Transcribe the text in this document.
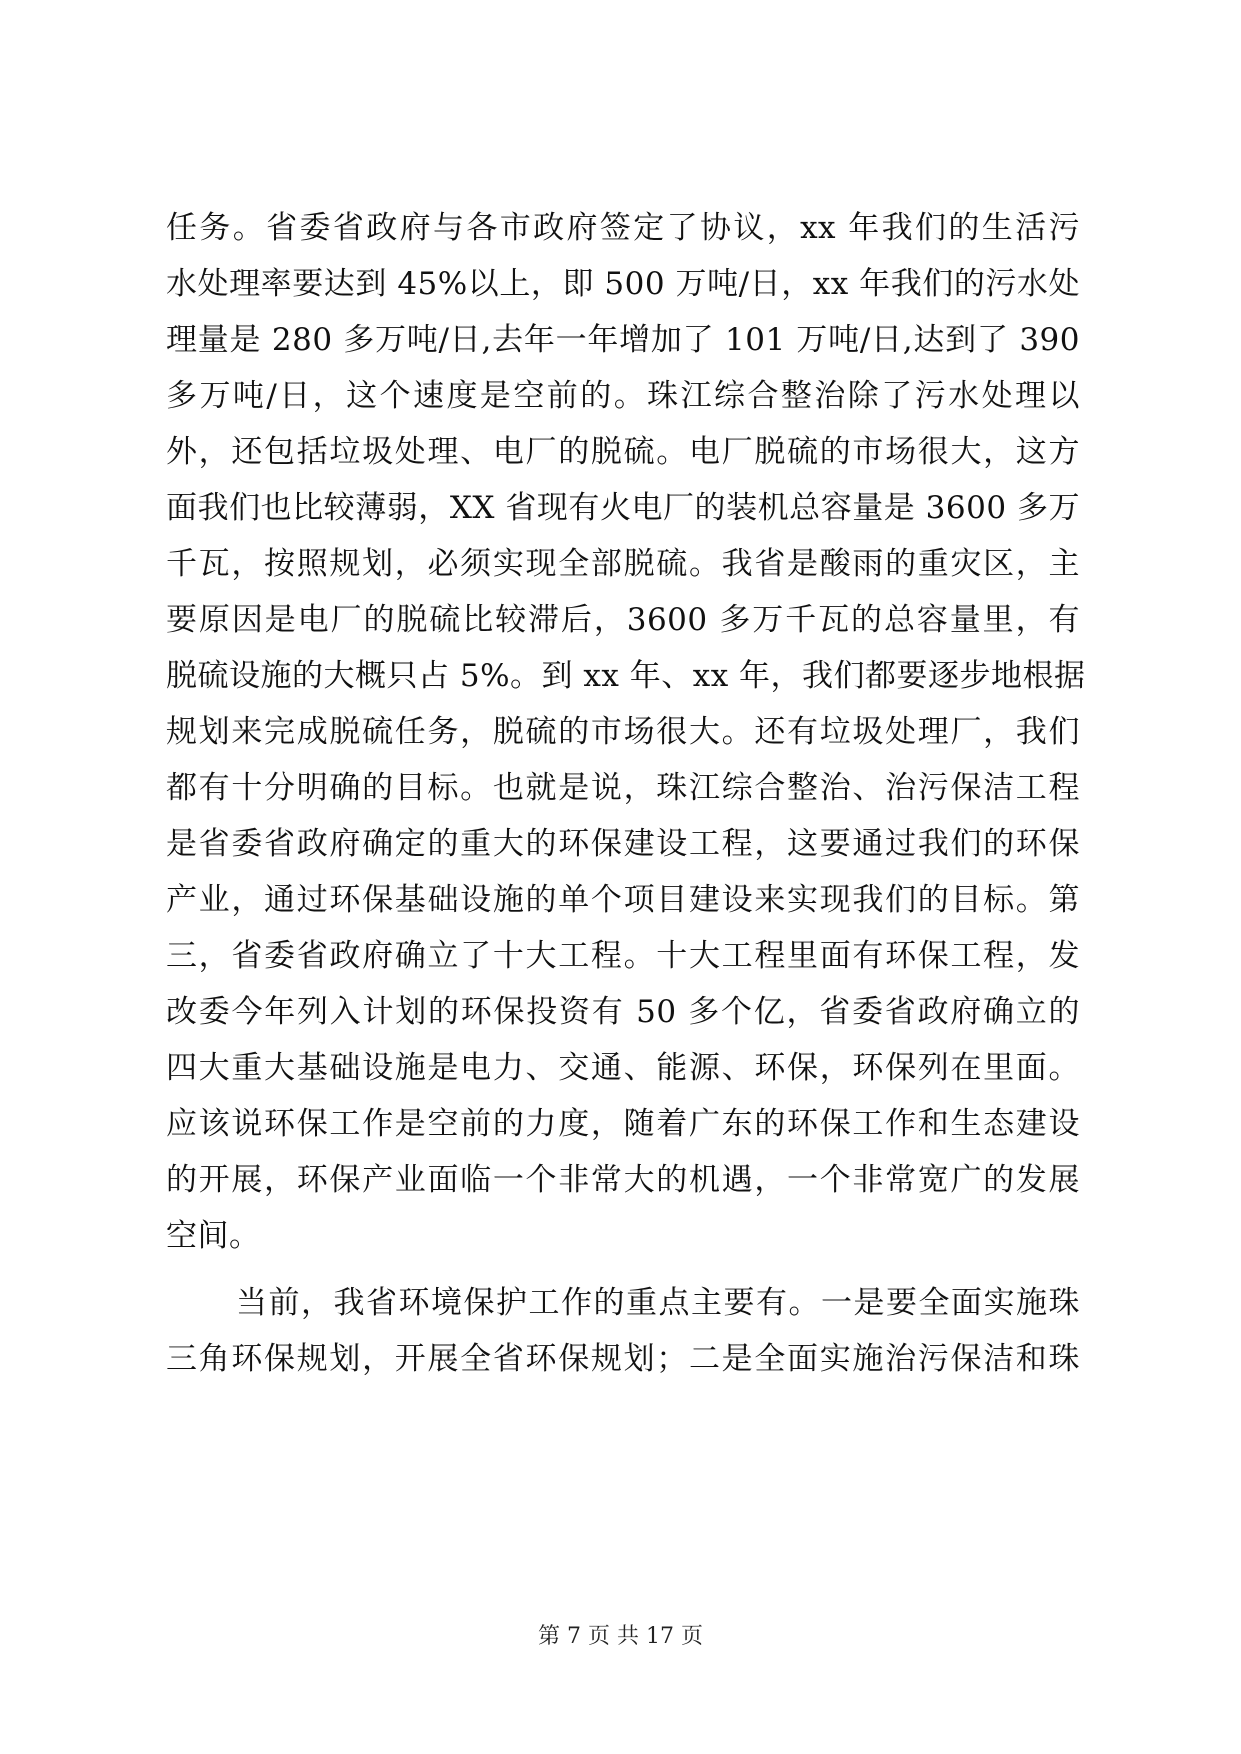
任务。省委省政府与各市政府签定了协议，xx 年我们的生活污
水处理率要达到 45%以上，即 500 万吨/日，xx 年我们的污水处
理量是 280 多万吨/日,去年一年增加了 101 万吨/日,达到了 390
多万吨/日，这个速度是空前的。珠江综合整治除了污水处理以
外，还包括垃圾处理、电厂的脱硫。电厂脱硫的市场很大，这方
面我们也比较薄弱，XX 省现有火电厂的装机总容量是 3600 多万
千瓦，按照规划，必须实现全部脱硫。我省是酸雨的重灾区，主
要原因是电厂的脱硫比较滞后，3600 多万千瓦的总容量里，有
脱硫设施的大概只占 5%。到 xx 年、xx 年，我们都要逐步地根据
规划来完成脱硫任务，脱硫的市场很大。还有垃圾处理厂，我们
都有十分明确的目标。也就是说，珠江综合整治、治污保洁工程
是省委省政府确定的重大的环保建设工程，这要通过我们的环保
产业，通过环保基础设施的单个项目建设来实现我们的目标。第
三，省委省政府确立了十大工程。十大工程里面有环保工程，发
改委今年列入计划的环保投资有 50 多个亿，省委省政府确立的
四大重大基础设施是电力、交通、能源、环保，环保列在里面。
应该说环保工作是空前的力度，随着广东的环保工作和生态建设
的开展，环保产业面临一个非常大的机遇，一个非常宽广的发展
空间。
当前，我省环境保护工作的重点主要有。一是要全面实施珠
三角环保规划，开展全省环保规划；二是全面实施治污保洁和珠
第 7 页 共 17 页
